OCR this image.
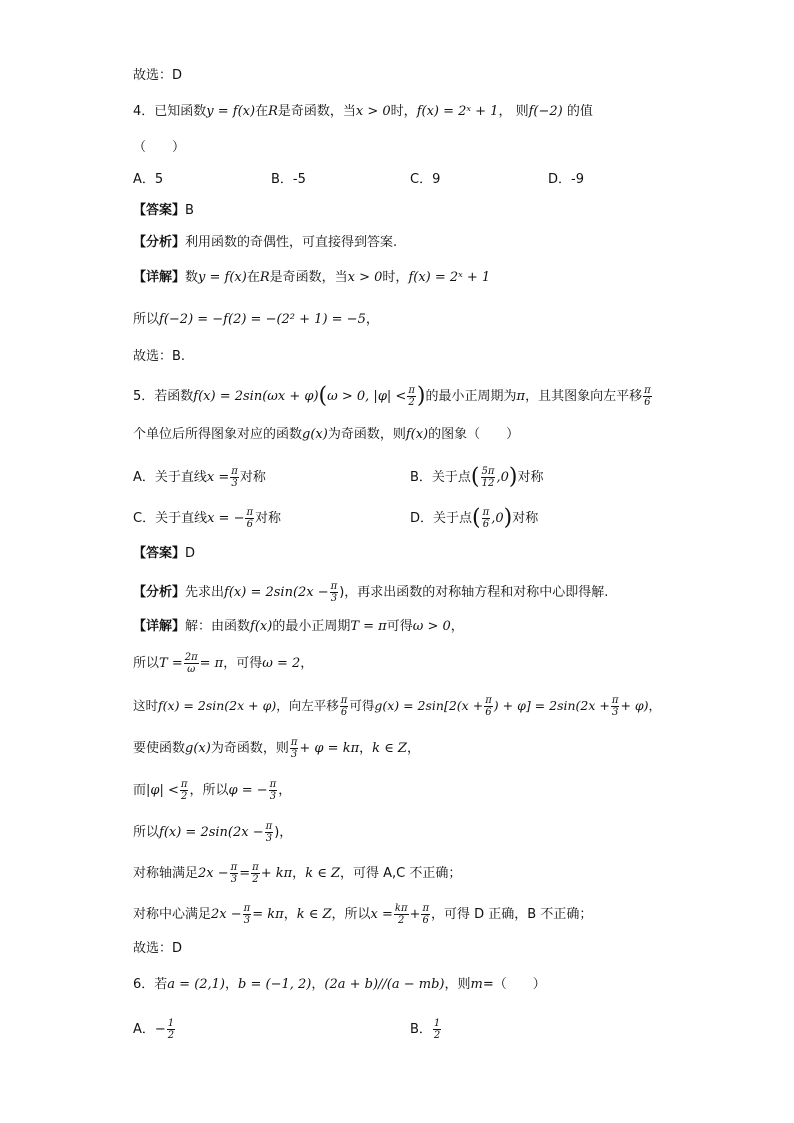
故选：D
4．已知函数y = f(x)在R是奇函数，当x > 0时，f(x) = 2ˣ + 1， 则f(−2) 的值
（　　）
A．5	B．-5	C．9	D．-9
【答案】B
【分析】利用函数的奇偶性，可直接得到答案.
【详解】数y = f(x)在R是奇函数，当x > 0时，f(x) = 2ˣ + 1
所以f(−2) = −f(2) = −(2² + 1) = −5，
故选：B.
5．若函数f(x) = 2sin(ωx + φ)(ω > 0, $|\varphi| < \frac{\pi}{2}$ )的最小正周期为π，且其图象向左平移 $\frac{\pi}{6}$
个单位后所得图象对应的函数g(x)为奇函数，则f(x)的图象（　　）
A．关于直线$x = \frac{\pi}{3}$ 对称	B．关于点( $\frac{5\pi}{12} ,0$)对称
C．关于直线x = − $\frac{\pi}{6}$ 对称	D．关于点( $\frac{\pi}{6} ,0$)对称
【答案】D
【分析】先求出$f(x) = 2\sin(2x - \frac{\pi}{3}$ )，再求出函数的对称轴方程和对称中心即得解.
【详解】解：由函数f(x)的最小正周期T = π可得ω > 0，
所以$T = \frac{2\pi}{\omega} = \pi$，可得ω = 2，
这时f(x) = 2sin(2x + φ)，向左平移 $\frac{\pi}{6}$ 可得$g(x) = 2\sin[2(x + \frac{\pi}{6}$ ) + $\varphi] = 2\sin(2x + \frac{\pi}{3} + \varphi)$，
要使函数g(x)为奇函数，则 $\frac{\pi}{3} + \varphi = k\pi$，k ∈ Z，
而$|\varphi| < \frac{\pi}{2}$ ，所以φ = − $\frac{\pi}{3}$ ，
所以$f(x) = 2\sin(2x - \frac{\pi}{3}$ )，
对称轴满足$2x - \frac{\pi}{3} = \frac{\pi}{2} + k\pi$，k ∈ Z，可得 A,C 不正确；
对称中心满足$2x - \frac{\pi}{3} = k\pi$，k ∈ Z，所以$x = \frac{k\pi}{2} + \frac{\pi}{6}$ ，可得 D 正确，B 不正确；
故选：D
6．若a = (2,1)，b = (−1, 2)，(2a + b)//(a − mb)，则m=（　　）
A．− $\frac{1}{2}$	B． $\frac{1}{2}$
